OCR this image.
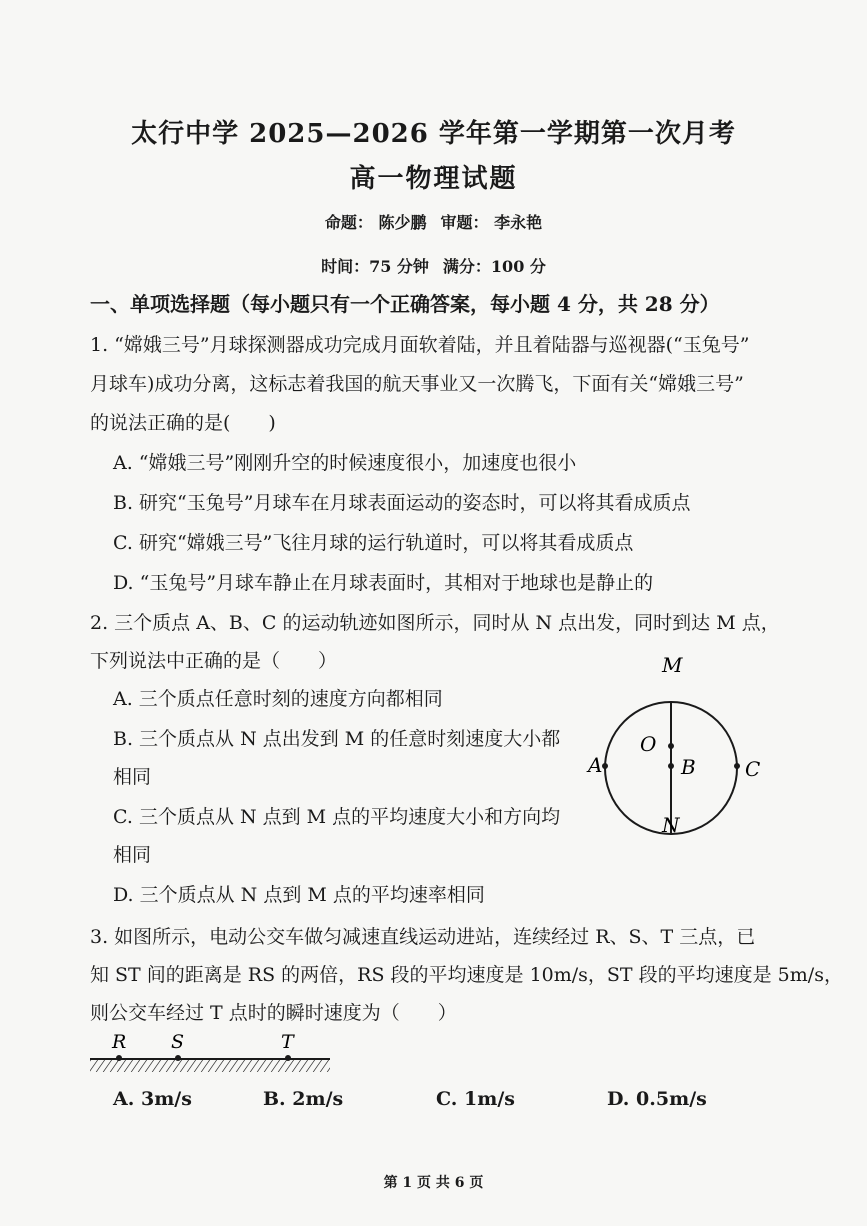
太行中学 2025—2026 学年第一学期第一次月考
高一物理试题
命题： 陈少鹏 审题： 李永艳
时间：75 分钟 满分：100 分
一、单项选择题（每小题只有一个正确答案，每小题 4 分，共 28 分）
1. “嫦娥三号”月球探测器成功完成月面软着陆，并且着陆器与巡视器(“玉兔号”
月球车)成功分离，这标志着我国的航天事业又一次腾飞，下面有关“嫦娥三号”
的说法正确的是(　　)
A. “嫦娥三号”刚刚升空的时候速度很小，加速度也很小
B. 研究“玉兔号”月球车在月球表面运动的姿态时，可以将其看成质点
C. 研究“嫦娥三号”飞往月球的运行轨道时，可以将其看成质点
D. “玉兔号”月球车静止在月球表面时，其相对于地球也是静止的
2. 三个质点 A、B、C 的运动轨迹如图所示，同时从 N 点出发，同时到达 M 点，
下列说法中正确的是（　　）
A. 三个质点任意时刻的速度方向都相同
B. 三个质点从 N 点出发到 M 的任意时刻速度大小都
相同
C. 三个质点从 N 点到 M 点的平均速度大小和方向均
相同
D. 三个质点从 N 点到 M 点的平均速率相同
M
O
A	B C
N
3. 如图所示，电动公交车做匀减速直线运动进站，连续经过 R、S、T 三点，已
知 ST 间的距离是 RS 的两倍，RS 段的平均速度是 10m/s，ST 段的平均速度是 5m/s，
则公交车经过 T 点时的瞬时速度为（　　）
R S	T
A. 3m/s	B. 2m/s	C. 1m/s	D. 0.5m/s
第 1 页 共 6 页
